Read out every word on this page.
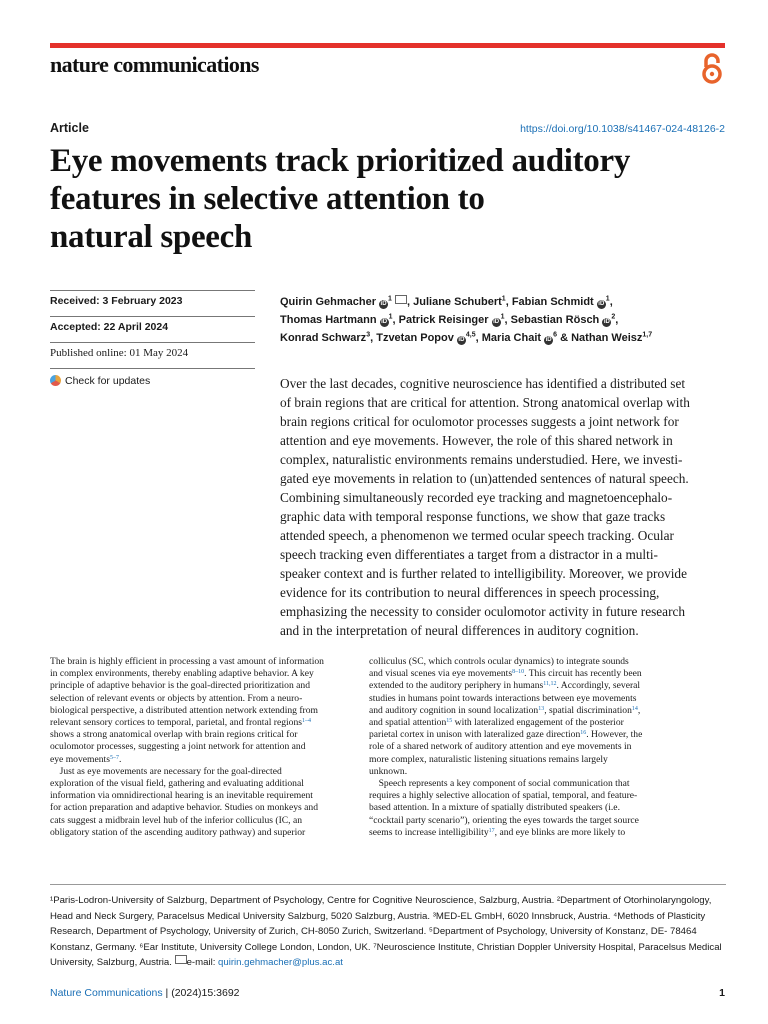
nature communications
Article	https://doi.org/10.1038/s41467-024-48126-2
Eye movements track prioritized auditory
features in selective attention to
natural speech
Received: 3 February 2023
Accepted: 22 April 2024
Published online: 01 May 2024
Check for updates
Quirin Gehmacher $iD^1$ , Juliane Schubert$^1$, Fabian Schmidt $iD^1$,
Thomas Hartmann $iD^1$, Patrick Reisinger $iD^1$, Sebastian Rösch $iD^2$,
Konrad Schwarz$^3$, Tzvetan Popov iD$^{4,5}$, Maria Chait $iD^6$ & Nathan Weisz$^{1,7}$
Over the last decades, cognitive neuroscience has identified a distributed set
of brain regions that are critical for attention. Strong anatomical overlap with
brain regions critical for oculomotor processes suggests a joint network for
attention and eye movements. However, the role of this shared network in
complex, naturalistic environments remains understudied. Here, we investi-
gated eye movements in relation to (un)attended sentences of natural speech.
Combining simultaneously recorded eye tracking and magnetoencephalo-
graphic data with temporal response functions, we show that gaze tracks
attended speech, a phenomenon we termed ocular speech tracking. Ocular
speech tracking even differentiates a target from a distractor in a multi-
speaker context and is further related to intelligibility. Moreover, we provide
evidence for its contribution to neural differences in speech processing,
emphasizing the necessity to consider oculomotor activity in future research
and in the interpretation of neural differences in auditory cognition.
The brain is highly efficient in processing a vast amount of information
in complex environments, thereby enabling adaptive behavior. A key
principle of adaptive behavior is the goal-directed prioritization and
selection of relevant events or objects by attention. From a neuro-
biological perspective, a distributed attention network extending from
relevant sensory cortices to temporal, parietal, and frontal regions$^{1-4}$
shows a strong anatomical overlap with brain regions critical for
oculomotor processes, suggesting a joint network for attention and
eye movements$^{5-7}$.
 Just as eye movements are necessary for the goal-directed
exploration of the visual field, gathering and evaluating additional
information via omnidirectional hearing is an inevitable requirement
for action preparation and adaptive behavior. Studies on monkeys and
cats suggest a midbrain level hub of the inferior colliculus (IC, an
obligatory station of the ascending auditory pathway) and superior
colliculus (SC, which controls ocular dynamics) to integrate sounds
and visual scenes via eye movements$^{8-10}$. This circuit has recently been
extended to the auditory periphery in humans$^{11,12}$. Accordingly, several
studies in humans point towards interactions between eye movements
and auditory cognition in sound localization$^{13}$, spatial discrimination$^{14}$,
and spatial attention$^{15}$ with lateralized engagement of the posterior
parietal cortex in unison with lateralized gaze direction$^{16}$. However, the
role of a shared network of auditory attention and eye movements in
more complex, naturalistic listening situations remains largely
unknown.
 Speech represents a key component of social communication that
requires a highly selective allocation of spatial, temporal, and feature-
based attention. In a mixture of spatially distributed speakers (i.e.
“cocktail party scenario”), orienting the eyes towards the target source
seems to increase intelligibility$^{17}$, and eye blinks are more likely to
¹Paris-Lodron-University of Salzburg, Department of Psychology, Centre for Cognitive Neuroscience, Salzburg, Austria. ²Department of Otorhinolaryngology,
Head and Neck Surgery, Paracelsus Medical University Salzburg, 5020 Salzburg, Austria. ³MED-EL GmbH, 6020 Innsbruck, Austria. ⁴Methods of Plasticity
Research, Department of Psychology, University of Zurich, CH-8050 Zurich, Switzerland. ⁵Department of Psychology, University of Konstanz, DE- 78464
Konstanz, Germany. ⁶Ear Institute, University College London, London, UK. ⁷Neuroscience Institute, Christian Doppler University Hospital, Paracelsus Medical
University, Salzburg, Austria. e-mail: quirin.gehmacher@plus.ac.at
Nature Communications | (2024)15:3692	1
